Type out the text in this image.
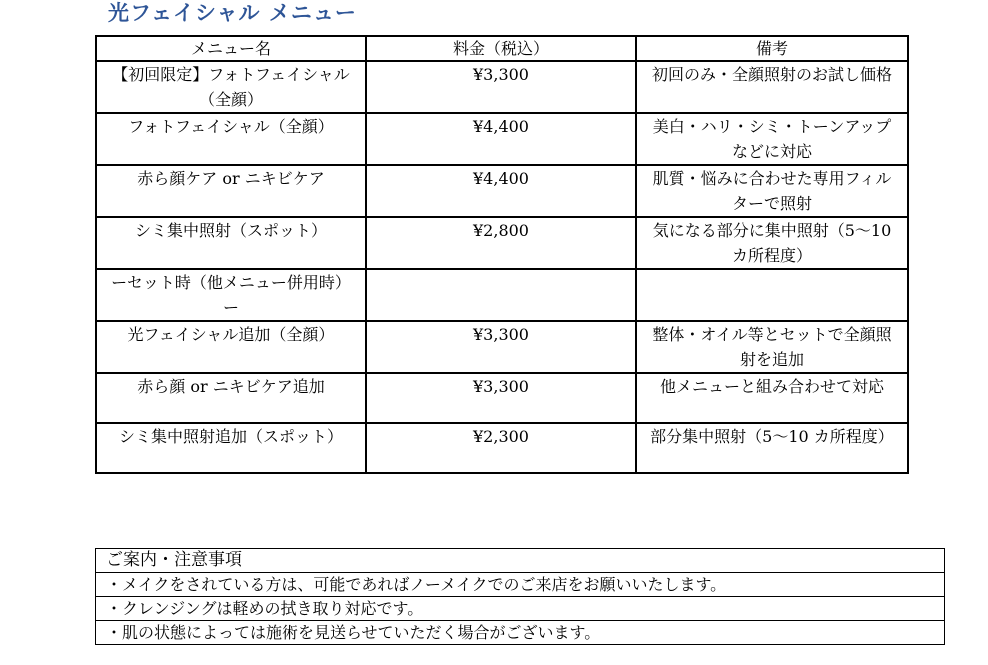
光フェイシャル メニュー
メニュー名	料金（税込）	備考
【初回限定】フォトフェイシャル（全顔）	¥3,300	初回のみ・全顔照射のお試し価格
フォトフェイシャル（全顔）	¥4,400	美白・ハリ・シミ・トーンアップなどに対応
赤ら顔ケア or ニキビケア	¥4,400	肌質・悩みに合わせた専用フィルターで照射
シミ集中照射（スポット）	¥2,800	気になる部分に集中照射（5〜10 カ所程度）
ーセット時（他メニュー併用時）ー		
光フェイシャル追加（全顔）	¥3,300	整体・オイル等とセットで全顔照射を追加
赤ら顔 or ニキビケア追加	¥3,300	他メニューと組み合わせて対応
シミ集中照射追加（スポット）	¥2,300	部分集中照射（5〜10 カ所程度）
ご案内・注意事項
・メイクをされている方は、可能であればノーメイクでのご来店をお願いいたします。
・クレンジングは軽めの拭き取り対応です。
・肌の状態によっては施術を見送らせていただく場合がございます。
